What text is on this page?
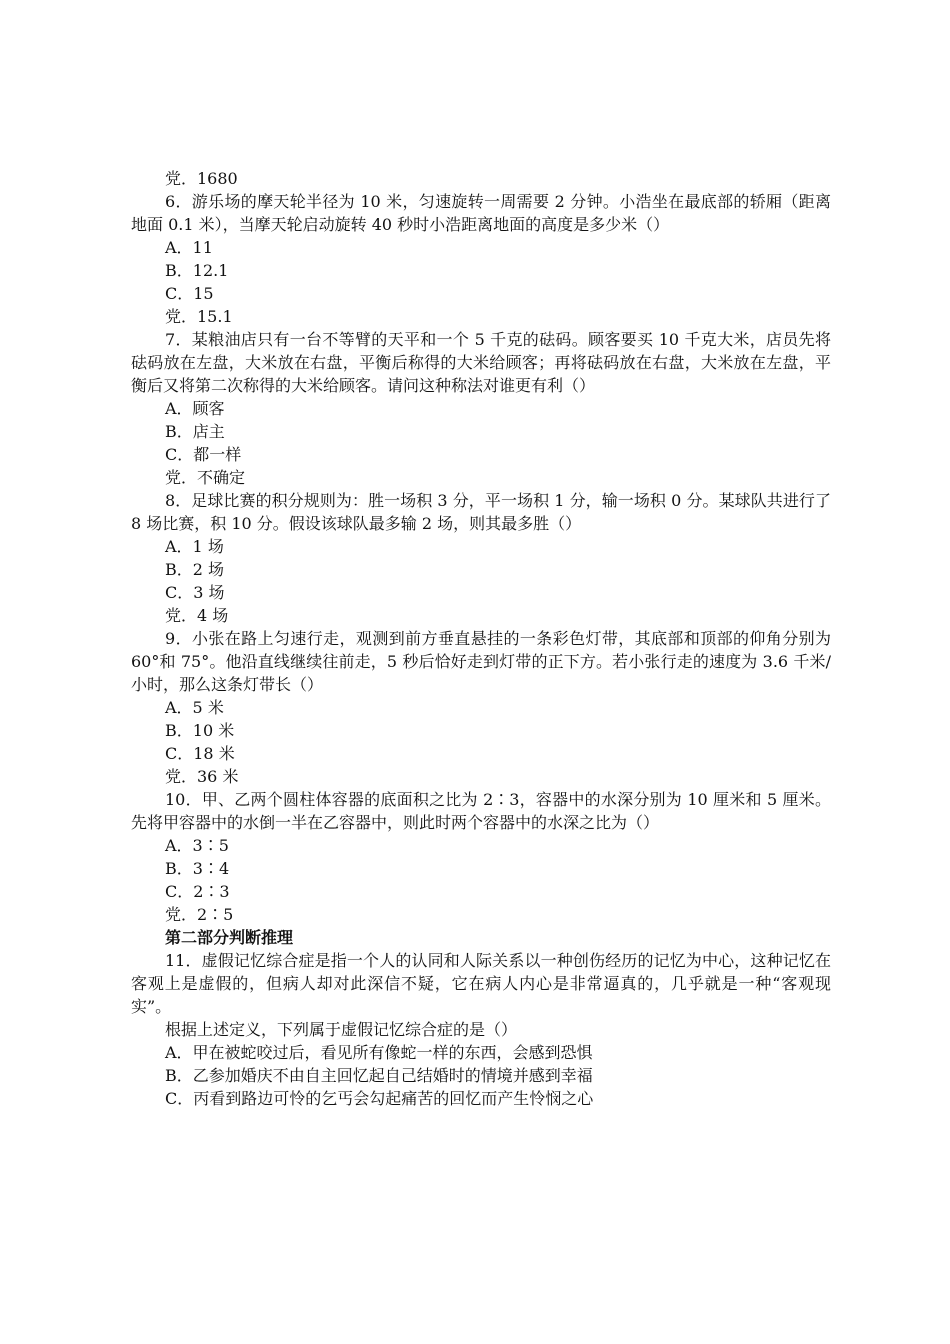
党．1680

6．游乐场的摩天轮半径为 10 米，匀速旋转一周需要 2 分钟。小浩坐在最底部的轿厢（距离地面 0.1 米），当摩天轮启动旋转 40 秒时小浩距离地面的高度是多少米（）

A．11

B．12.1

C．15

党．15.1

7．某粮油店只有一台不等臂的天平和一个 5 千克的砝码。顾客要买 10 千克大米，店员先将砝码放在左盘，大米放在右盘，平衡后称得的大米给顾客；再将砝码放在右盘，大米放在左盘，平衡后又将第二次称得的大米给顾客。请问这种称法对谁更有利（）

A．顾客

B．店主

C．都一样

党．不确定

8．足球比赛的积分规则为：胜一场积 3 分，平一场积 1 分，输一场积 0 分。某球队共进行了 8 场比赛，积 10 分。假设该球队最多输 2 场，则其最多胜（）

A．1 场

B．2 场

C．3 场

党．4 场

9．小张在路上匀速行走，观测到前方垂直悬挂的一条彩色灯带，其底部和顶部的仰角分别为 60°和 75°。他沿直线继续往前走，5 秒后恰好走到灯带的正下方。若小张行走的速度为 3.6 千米/小时，那么这条灯带长（）

A．5 米

B．10 米

C．18 米

党．36 米

10．甲、乙两个圆柱体容器的底面积之比为 2∶3，容器中的水深分别为 10 厘米和 5 厘米。先将甲容器中的水倒一半在乙容器中，则此时两个容器中的水深之比为（）

A．3∶5

B．3∶4

C．2∶3

党．2∶5

第二部分判断推理

11．虚假记忆综合症是指一个人的认同和人际关系以一种创伤经历的记忆为中心，这种记忆在客观上是虚假的，但病人却对此深信不疑，它在病人内心是非常逼真的，几乎就是一种“客观现实”。

根据上述定义，下列属于虚假记忆综合症的是（）

A．甲在被蛇咬过后，看见所有像蛇一样的东西，会感到恐惧

B．乙参加婚庆不由自主回忆起自己结婚时的情境并感到幸福

C．丙看到路边可怜的乞丐会勾起痛苦的回忆而产生怜悯之心
